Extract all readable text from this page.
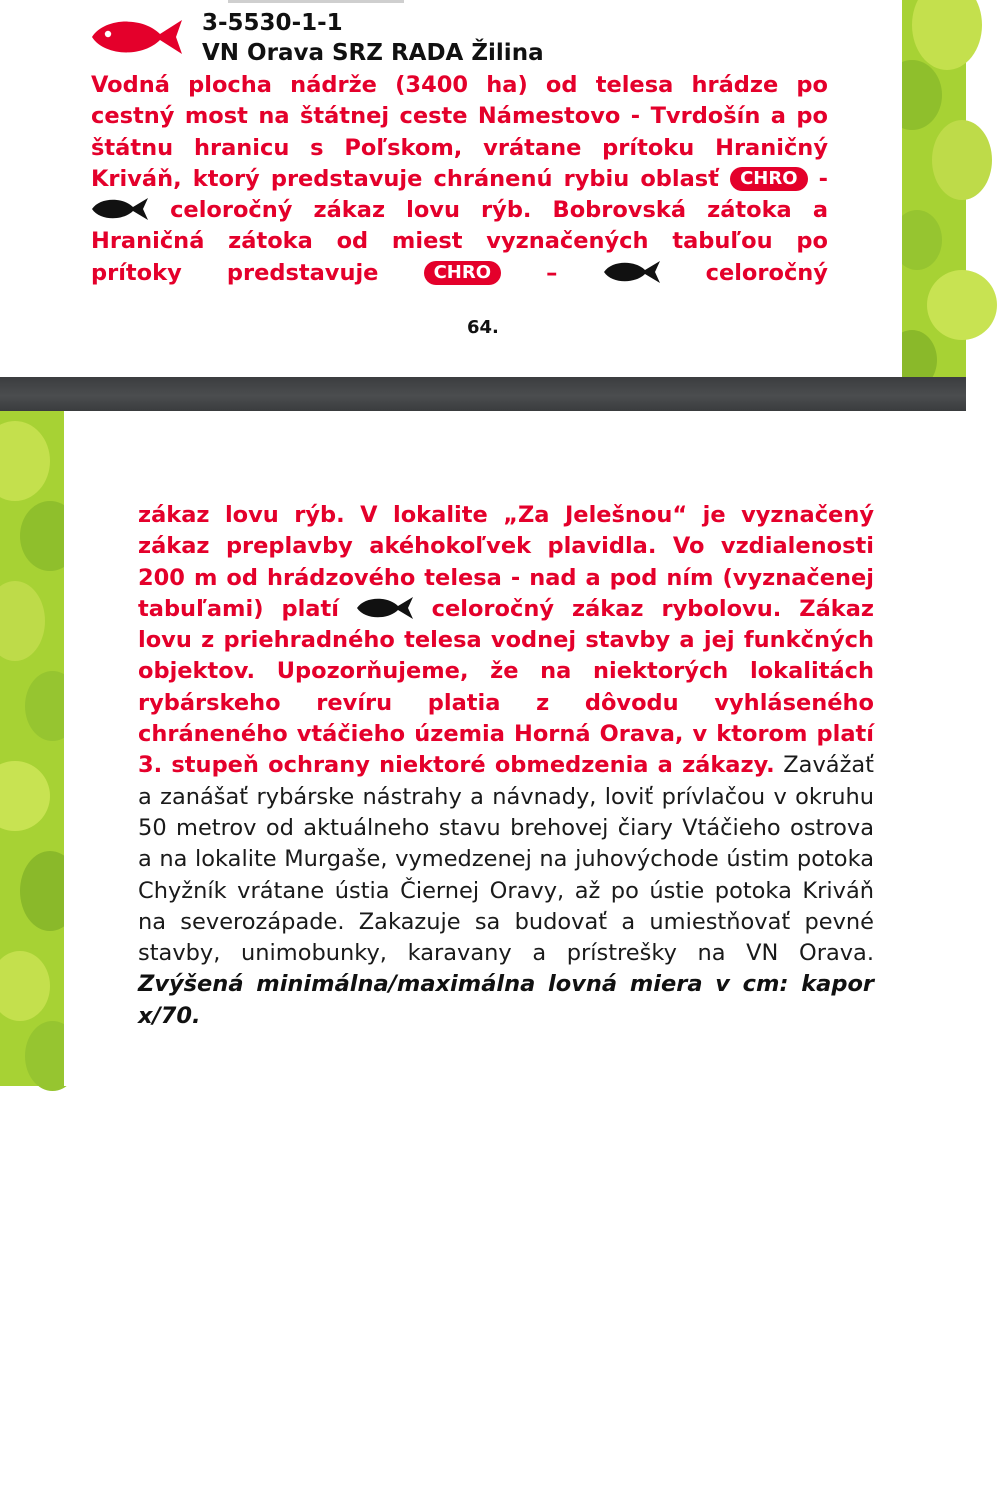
3-5530-1-1
VN Orava SRZ RADA Žilina
Vodná plocha nádrže (3400 ha) od telesa hrádze po cestný most na štátnej ceste Námestovo - Tvrdošín a po štátnu hranicu s Poľskom, vrátane prítoku Hraničný Kriváň, ktorý predstavuje chránenú rybiu oblasť CHRO -  celoročný zákaz lovu rýb. Bobrovská zátoka a Hraničná zátoka od miest vyznačených tabuľou po prítoky predstavuje	CHRO –	celoročný
64.
NSKÁ OBLASŤ
zákaz lovu rýb. V lokalite „Za Jelešnou“ je vyznačený zákaz preplavby akéhokoľvek plavidla. Vo vzdialenosti 200 m od hrádzového telesa - nad a pod ním (vyznačenej tabuľami) platí	celoročný zákaz rybolovu. Zákaz lovu z priehradného telesa vodnej stavby a jej funkčných objektov. Upozorňujeme, že na niektorých lokalitách rybárskeho revíru platia z dôvodu vyhláseného chráneného vtáčieho územia Horná Orava, v ktorom platí 3. stupeň ochrany niektoré obmedzenia a zákazy. Zavážať a zanášať rybárske nástrahy a návnady, loviť prívlačou v okruhu 50 metrov od aktuálneho stavu brehovej čiary Vtáčieho ostrova a na lokalite Murgaše, vymedzenej na juhovýchode ústim potoka Chyžník vrátane ústia Čiernej Oravy, až po ústie potoka Kriváň na severozápade. Zakazuje sa budovať a umiestňovať pevné stavby, unimobunky, karavany a prístrešky na VN Orava. Zvýšená minimálna/maximálna lovná miera v cm: kapor x/70.
